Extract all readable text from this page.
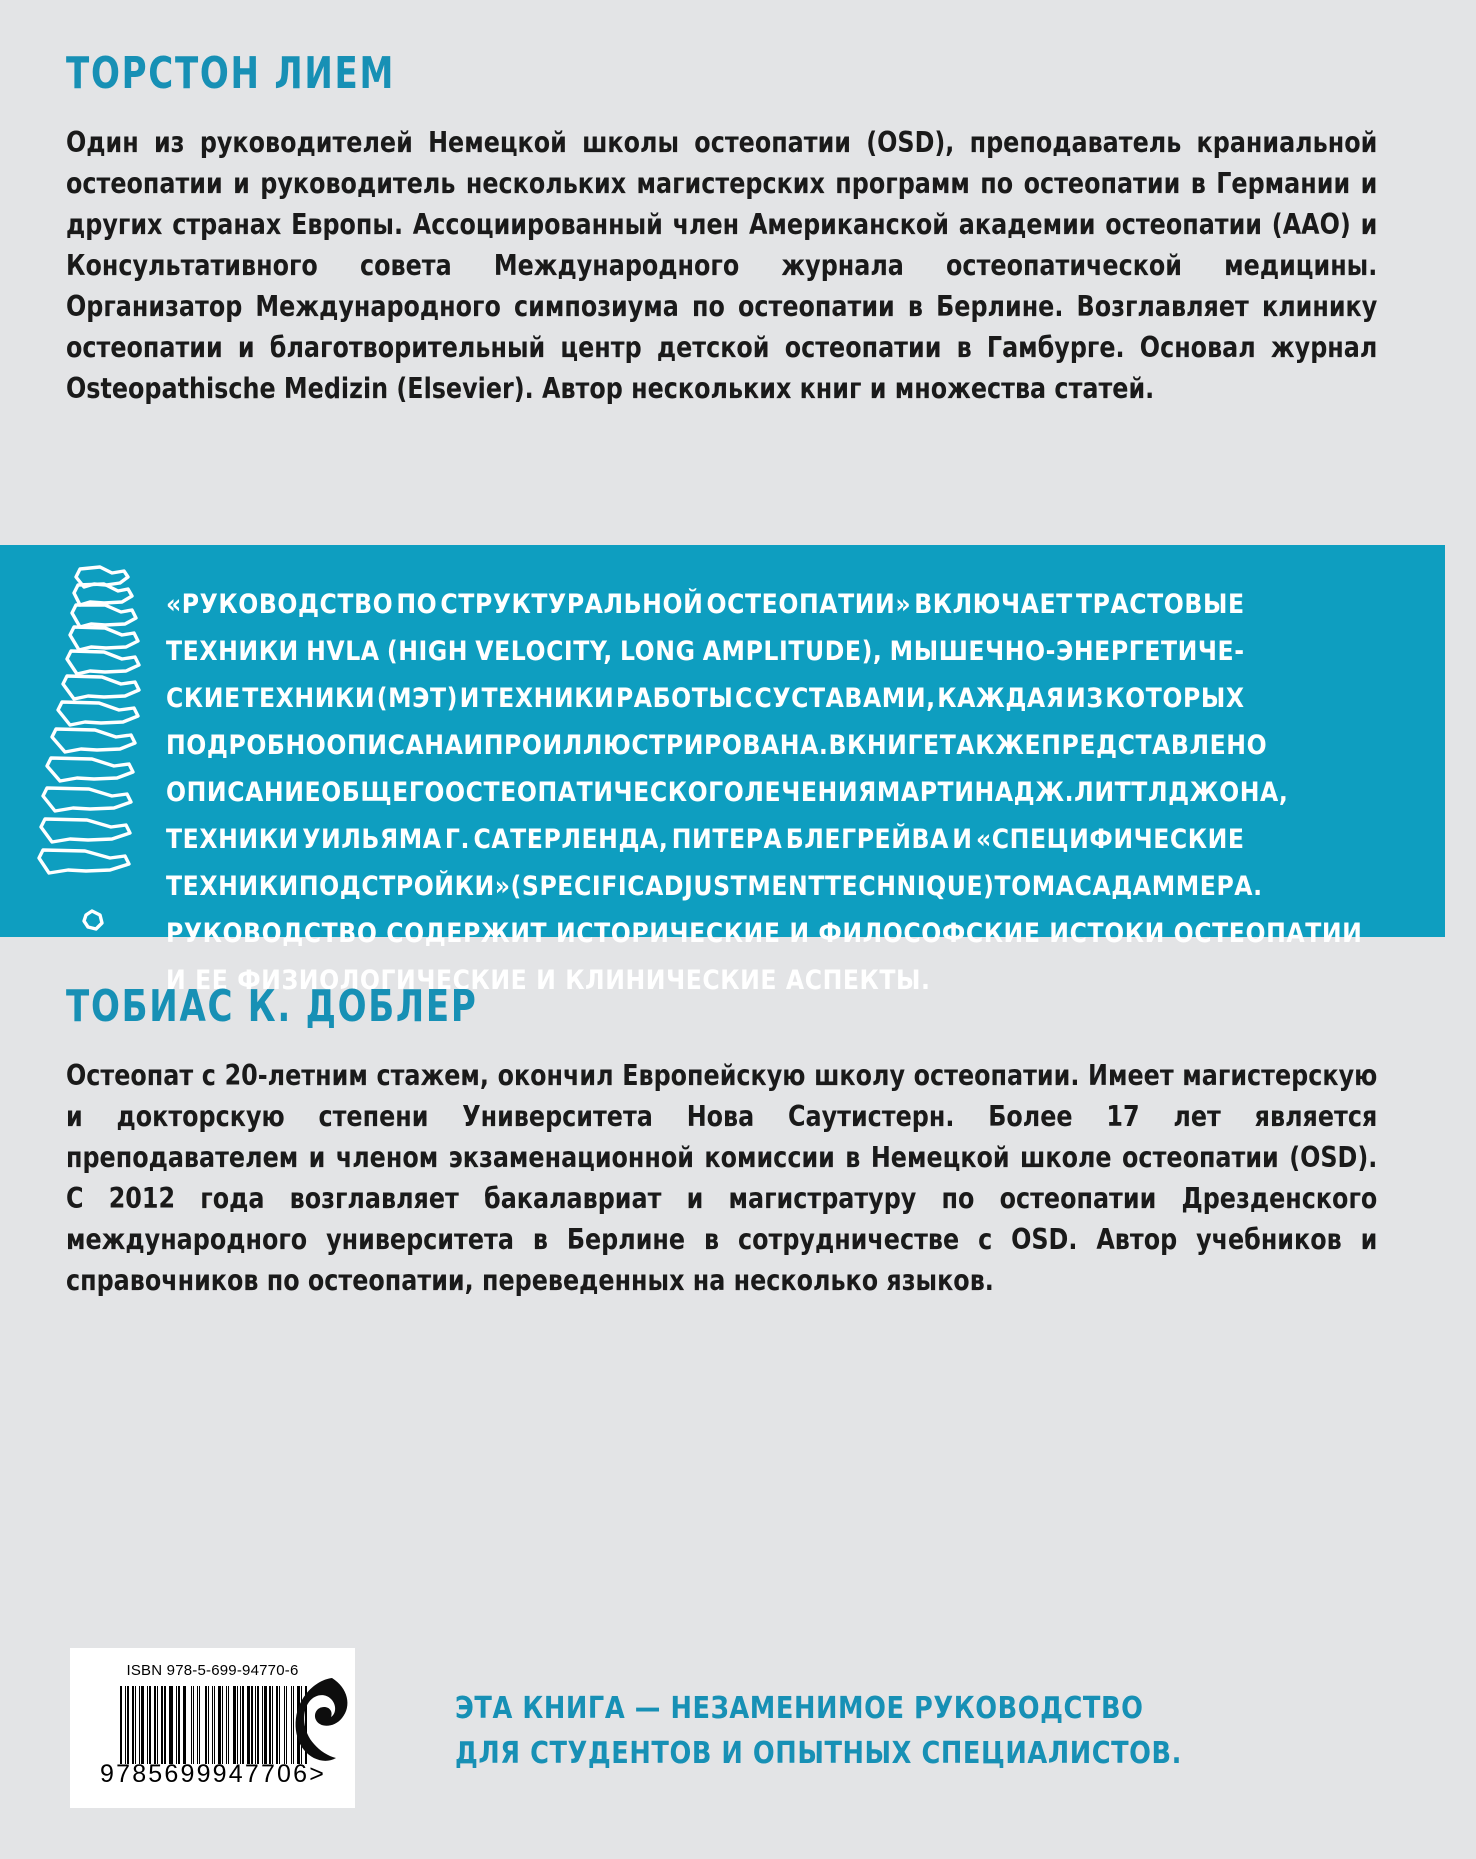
ТОРСТОН ЛИЕМ

Один из руководителей Немецкой школы остеопатии (OSD), преподаватель краниальной остеопатии и руководитель нескольких магистерских программ по остеопатии в Германии и других странах Европы. Ассоциированный член Американской академии остеопатии (ААО) и Консультативного совета Международного журнала остеопатической медицины. Организатор Международного симпозиума по остеопатии в Берлине. Возглавляет клинику остеопатии и благотворительный центр детской остеопатии в Гамбурге. Основал журнал Osteopathische Medizin (Elsevier). Автор нескольких книг и множества статей.

«РУКОВОДСТВО ПО СТРУКТУРАЛЬНОЙ ОСТЕОПАТИИ» ВКЛЮЧАЕТ ТРАСТОВЫЕ
ТЕХНИКИ HVLA (HIGH VELOCITY, LONG AMPLITUDE), МЫШЕЧНО-ЭНЕРГЕТИЧЕ-
СКИЕ ТЕХНИКИ (МЭТ) И ТЕХНИКИ РАБОТЫ С СУСТАВАМИ, КАЖДАЯ ИЗ КОТОРЫХ
ПОДРОБНО ОПИСАНА И ПРОИЛЛЮСТРИРОВАНА. В КНИГЕ ТАКЖЕ ПРЕДСТАВЛЕНО
ОПИСАНИЕ ОБЩЕГО ОСТЕОПАТИЧЕСКОГО ЛЕЧЕНИЯ МАРТИНА ДЖ. ЛИТТЛДЖОНА,
ТЕХНИКИ УИЛЬЯМА Г. САТЕРЛЕНДА, ПИТЕРА БЛЕГРЕЙВА И «СПЕЦИФИЧЕСКИЕ
ТЕХНИКИ ПОДСТРОЙКИ» (SPECIFIC ADJUSTMENT TECHNIQUE) ТОМАСА ДАММЕРА.
РУКОВОДСТВО СОДЕРЖИТ ИСТОРИЧЕСКИЕ И ФИЛОСОФСКИЕ ИСТОКИ ОСТЕОПАТИИ
И ЕЕ ФИЗИОЛОГИЧЕСКИЕ И КЛИНИЧЕСКИЕ АСПЕКТЫ.
ТОБИАС К. ДОБЛЕР

Остеопат с 20-летним стажем, окончил Европейскую школу остеопатии. Имеет магистерскую и докторскую степени Университета Нова Саутистерн. Более 17 лет является преподавателем и членом экзаменационной комиссии в Немецкой школе остеопатии (OSD). С 2012 года возглавляет бакалавриат и магистратуру по остеопатии Дрезденского международного университета в Берлине в сотрудничестве с OSD. Автор учебников и справочников по остеопатии, переведенных на несколько языков.

ISBN 978-5-699-94770-6
9 7 8 5 6 9 9 9 4 7 7 0 6 >
ЭТА КНИГА — НЕЗАМЕНИМОЕ РУКОВОДСТВО
ДЛЯ СТУДЕНТОВ И ОПЫТНЫХ СПЕЦИАЛИСТОВ.
